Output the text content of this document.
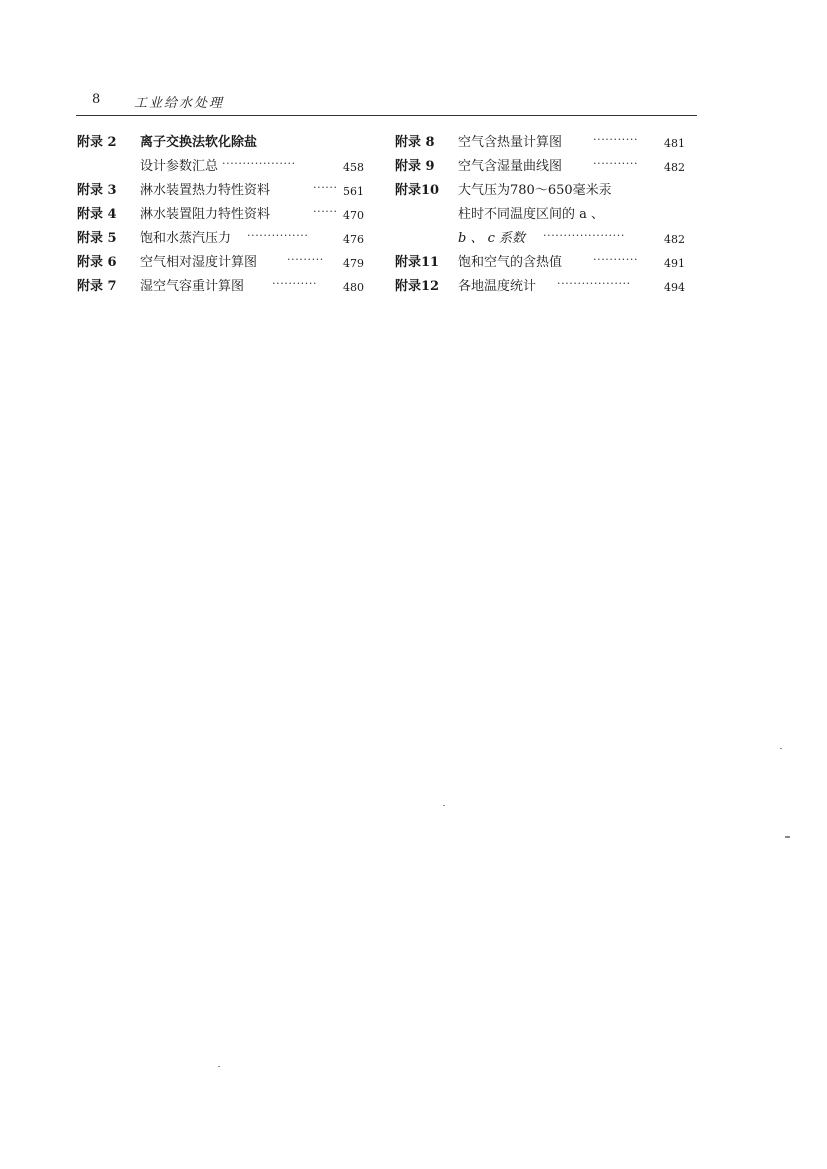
8	工业给水处理
附录 2 离子交换法软化除盐
设计参数汇总 ··················	458
附录 3 淋水装置热力特性资料	······ 561
附录 4 淋水装置阻力特性资料	······ 470
附录 5 饱和水蒸汽压力 ···············	476
附录 6 空气相对湿度计算图	········· 479
附录 7 湿空气容重计算图	··········· 480
附录 8 空气含热量计算图	··········· 481
附录 9 空气含湿量曲线图	··········· 482
附录10 大气压为780～650毫米汞
柱时不同温度区间的 a 、
b 、 c 系数 ····················	482
附录11 饱和空气的含热值	··········· 491
附录12 各地温度统计 ··················	494
